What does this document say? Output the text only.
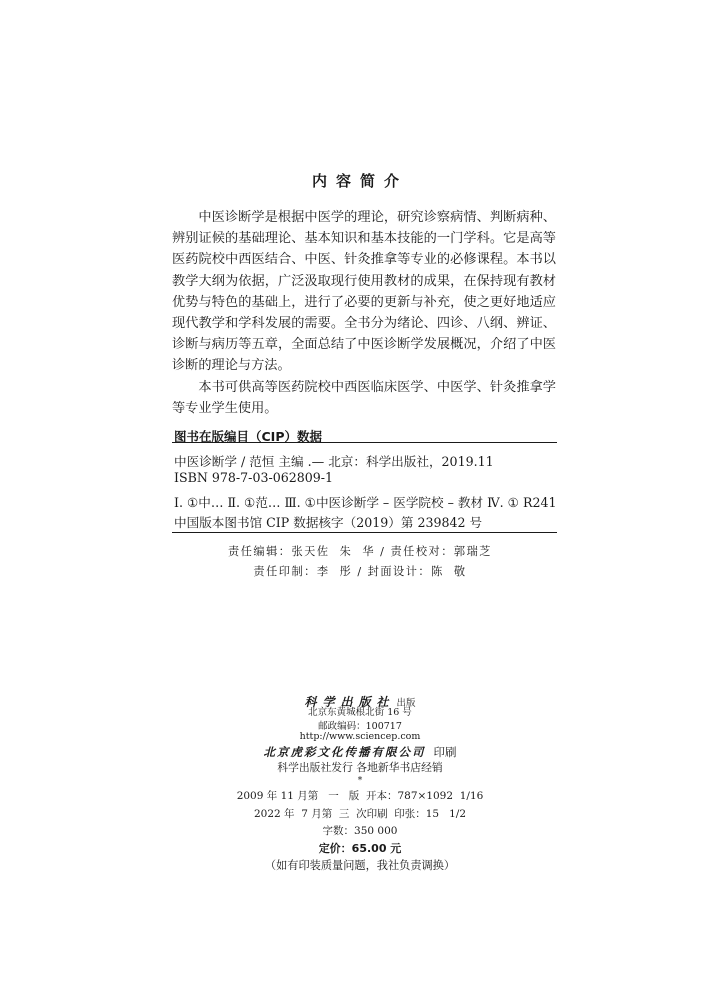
内容简介

中医诊断学是根据中医学的理论，研究诊察病情、判断病种、辨别证候的基础理论、基本知识和基本技能的一门学科。它是高等医药院校中西医结合、中医、针灸推拿等专业的必修课程。本书以教学大纲为依据，广泛汲取现行使用教材的成果，在保持现有教材优势与特色的基础上，进行了必要的更新与补充，使之更好地适应现代教学和学科发展的需要。全书分为绪论、四诊、八纲、辨证、诊断与病历等五章，全面总结了中医诊断学发展概况，介绍了中医诊断的理论与方法。

本书可供高等医药院校中西医临床医学、中医学、针灸推拿学等专业学生使用。

图书在版编目（CIP）数据
中医诊断学 / 范恒 主编 .— 北京：科学出版社，2019.11
ISBN 978-7-03-062809-1
Ⅰ. ①中… Ⅱ. ①范… Ⅲ. ①中医诊断学 – 医学院校 – 教材 Ⅳ. ① R241
中国版本图书馆 CIP 数据核字（2019）第 239842 号
责任编辑：张天佐  朱  华 / 责任校对：郭瑞芝
责任印制：李  彤 / 封面设计：陈  敬
科学出版社 出版
北京东黄城根北街 16 号
邮政编码：100717
http://www.sciencep.com
北京虎彩文化传播有限公司 印刷
科学出版社发行 各地新华书店经销
*
2009 年 11 月第   一   版  开本：787×1092  1/16
2022 年  7 月第  三  次印刷  印张：15   1/2
字数：350 000
定价：65.00 元
（如有印装质量问题，我社负责调换）
